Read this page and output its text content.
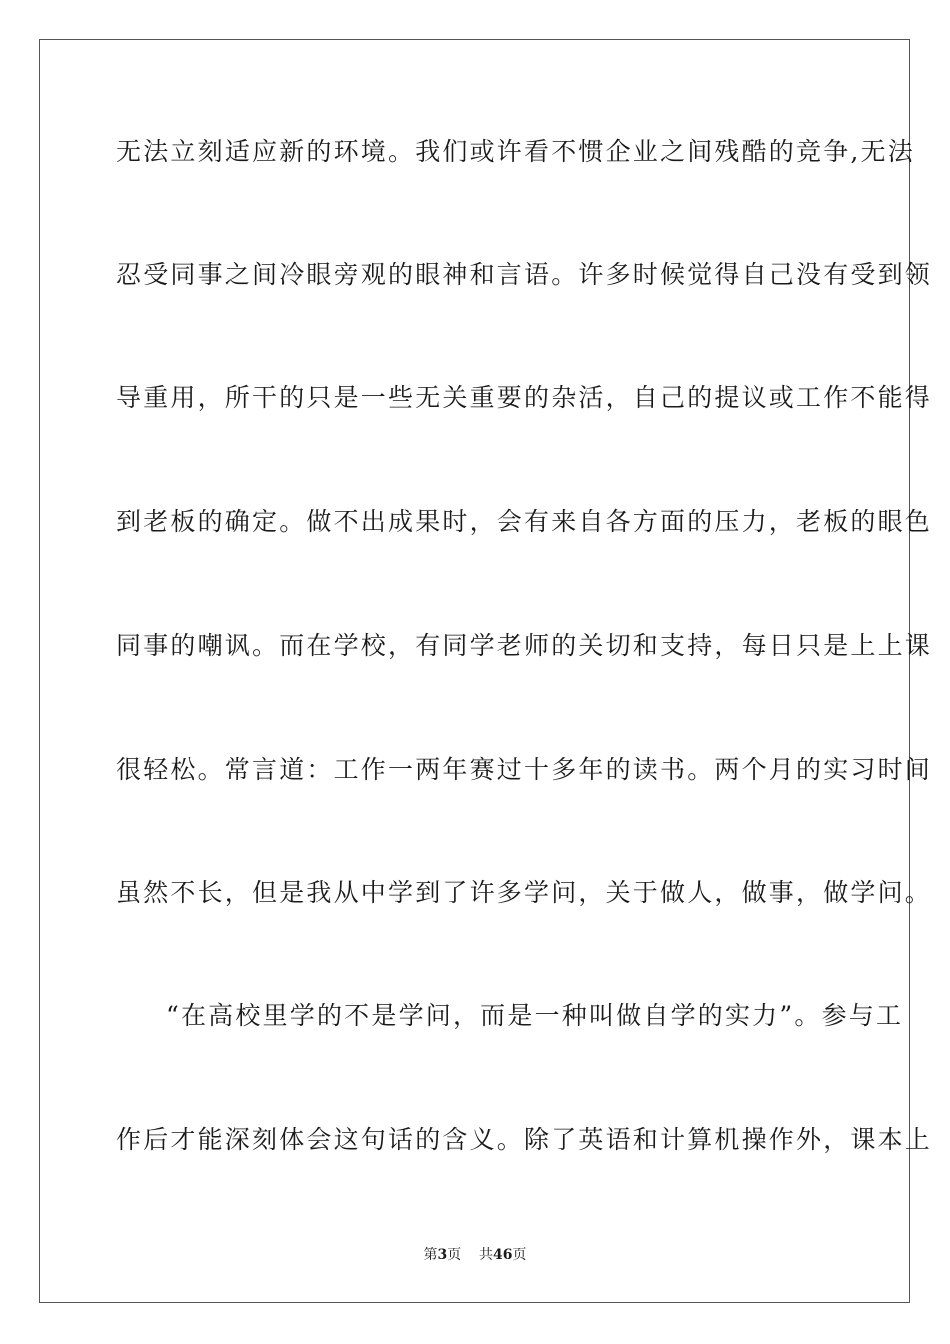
无法立刻适应新的环境。我们或许看不惯企业之间残酷的竞争,无法
忍受同事之间冷眼旁观的眼神和言语。许多时候觉得自己没有受到领
导重用，所干的只是一些无关重要的杂活，自己的提议或工作不能得
到老板的确定。做不出成果时，会有来自各方面的压力，老板的眼色
同事的嘲讽。而在学校，有同学老师的关切和支持，每日只是上上课
很轻松。常言道：工作一两年赛过十多年的读书。两个月的实习时间
虽然不长，但是我从中学到了许多学问，关于做人，做事，做学问。
“在高校里学的不是学问，而是一种叫做自学的实力”。参与工
作后才能深刻体会这句话的含义。除了英语和计算机操作外，课本上
第3页 共46页
